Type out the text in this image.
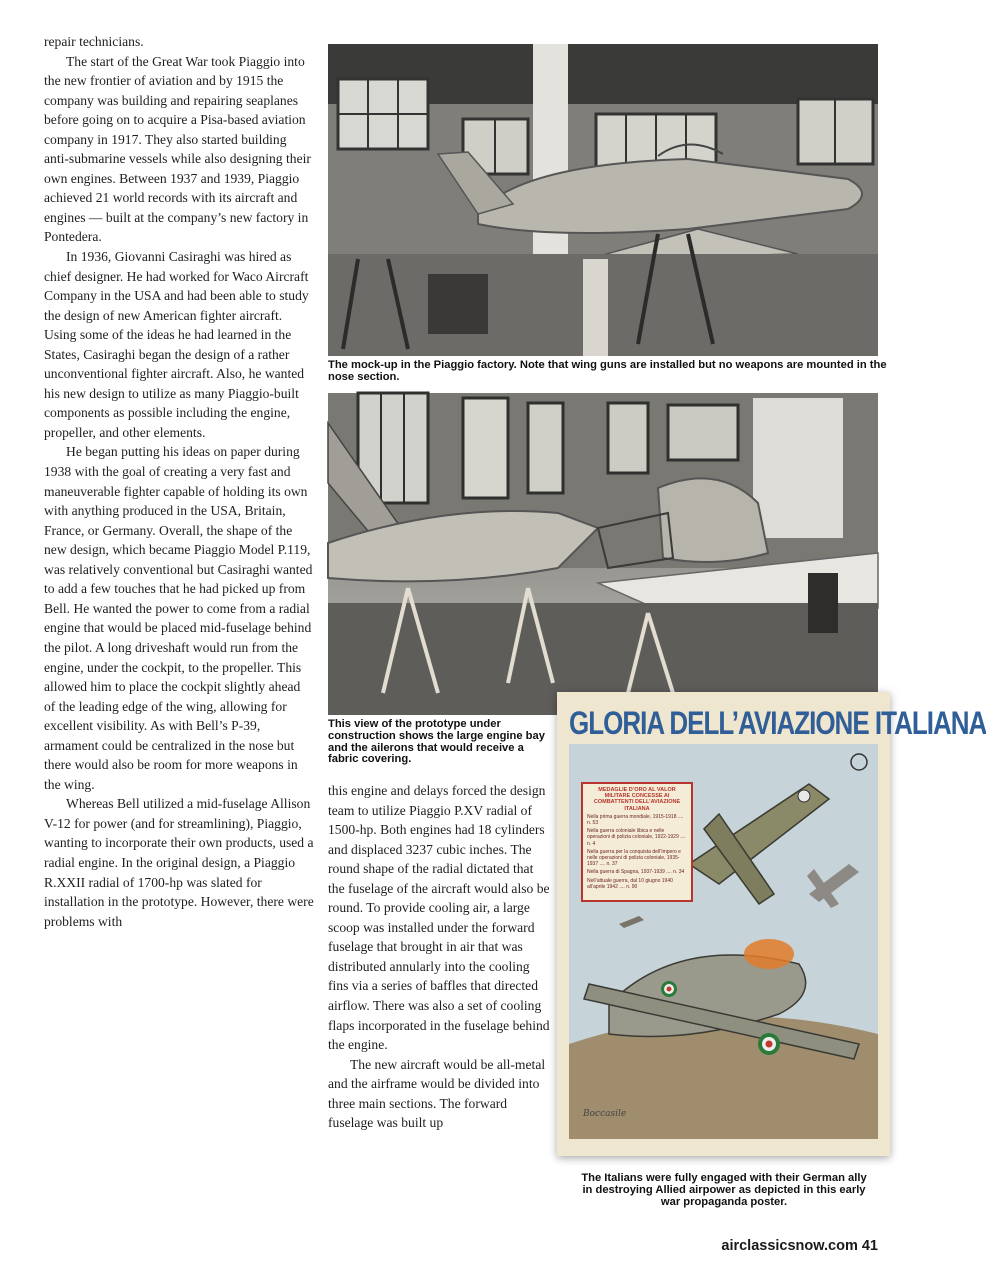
repair technicians.

The start of the Great War took Piaggio into the new frontier of aviation and by 1915 the company was building and repairing seaplanes before going on to acquire a Pisa-based aviation company in 1917. They also started building anti-submarine vessels while also designing their own engines. Between 1937 and 1939, Piaggio achieved 21 world records with its aircraft and engines — built at the company’s new factory in Pontedera.

In 1936, Giovanni Casiraghi was hired as chief designer. He had worked for Waco Aircraft Company in the USA and had been able to study the design of new American fighter aircraft. Using some of the ideas he had learned in the States, Casiraghi began the design of a rather unconventional fighter aircraft. Also, he wanted his new design to utilize as many Piaggio-built components as possible including the engine, propeller, and other elements.

He began putting his ideas on paper during 1938 with the goal of creating a very fast and maneuverable fighter capable of holding its own with anything produced in the USA, Britain, France, or Germany. Overall, the shape of the new design, which became Piaggio Model P.119, was relatively conventional but Casiraghi wanted to add a few touches that he had picked up from Bell. He wanted the power to come from a radial engine that would be placed mid-fuselage behind the pilot. A long driveshaft would run from the engine, under the cockpit, to the propeller. This allowed him to place the cockpit slightly ahead of the leading edge of the wing, allowing for excellent visibility. As with Bell’s P-39, armament could be centralized in the nose but there would also be room for more weapons in the wing.

Whereas Bell utilized a mid-fuselage Allison V-12 for power (and for streamlining), Piaggio, wanting to incorporate their own products, used a radial engine. In the original design, a Piaggio R.XXII radial of 1700-hp was slated for installation in the prototype. However, there were problems with

The mock-up in the Piaggio factory. Note that wing guns are installed but no weapons are mounted in the nose section.
This view of the prototype under construction shows the large engine bay and the ailerons that would receive a fabric covering.

this engine and delays forced the design team to utilize Piaggio P.XV radial of 1500-hp. Both engines had 18 cylinders and displaced 3237 cubic inches. The round shape of the radial dictated that the fuselage of the aircraft would also be round. To provide cooling air, a large scoop was installed under the forward fuselage that brought in air that was distributed annularly into the cooling fins via a series of baffles that directed airflow. There was also a set of cooling flaps incorporated in the fuselage behind the engine.

The new aircraft would be all-metal and the airframe would be divided into three main sections. The forward fuselage was built up

GLORIA DELL’AVIAZIONE ITALIANA
MEDAGLIE D’ORO AL VALOR MILITARE CONCESSE AI COMBATTENTI DELL’AVIAZIONE ITALIANA
Nella prima guerra mondiale, 1915-1918 .... n. 53
Nella guerra coloniale libica e nelle operazioni di polizia coloniale, 1922-1929 .... n. 4
Nella guerra per la conquista dell’Impero e nelle operazioni di polizia coloniale, 1935-1937 .... n. 37
Nella guerra di Spagna, 1937-1939 .... n. 34
Nell’attuale guerra, dal 10 giugno 1940 all’aprile 1942 .... n. 90
Boccasile
The Italians were fully engaged with their German ally in destroying Allied airpower as depicted in this early war propaganda poster.
airclassicsnow.com 41
